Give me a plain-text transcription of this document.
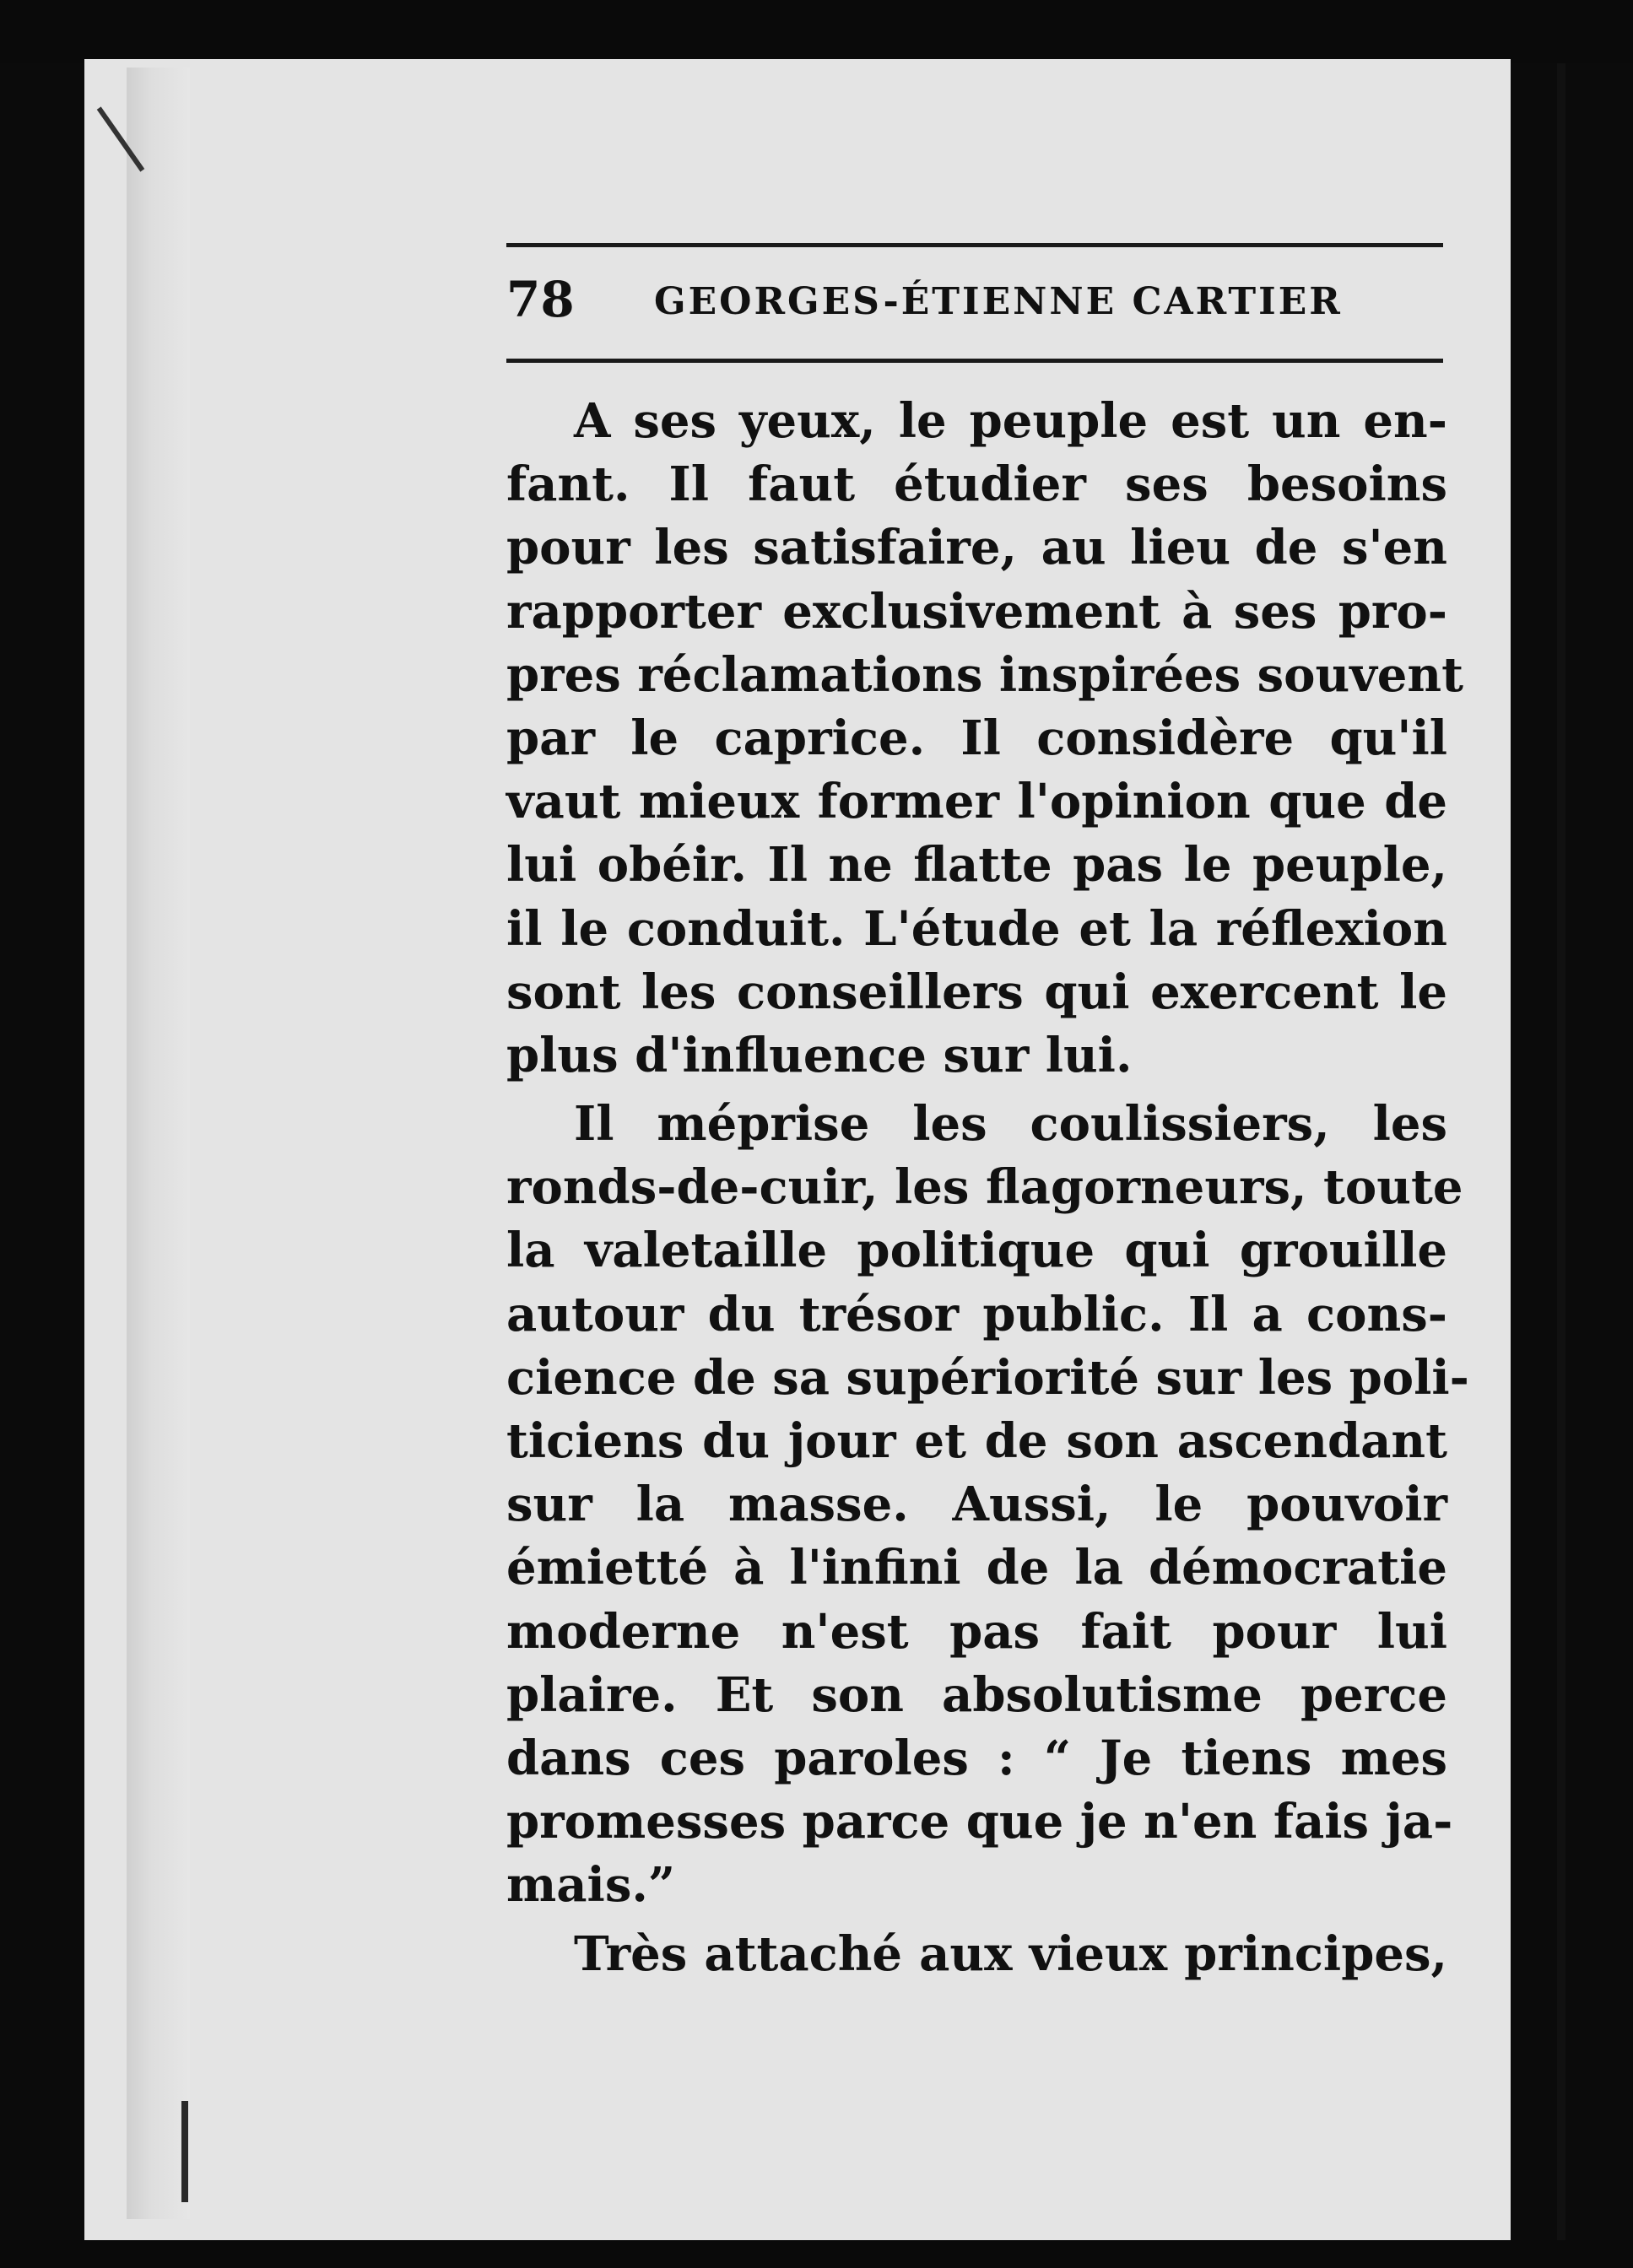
78 GEORGES-ÉTIENNE CARTIER
A ses yeux, le peuple est un en-
fant. Il faut étudier ses besoins
pour les satisfaire, au lieu de s'en
rapporter exclusivement à ses pro-
pres réclamations inspirées souvent
par le caprice. Il considère qu'il
vaut mieux former l'opinion que de
lui obéir. Il ne flatte pas le peuple,
il le conduit. L'étude et la réflexion
sont les conseillers qui exercent le
plus d'influence sur lui.
Il méprise les coulissiers, les
ronds-de-cuir, les flagorneurs, toute
la valetaille politique qui grouille
autour du trésor public. Il a cons-
cience de sa supériorité sur les poli-
ticiens du jour et de son ascendant
sur la masse. Aussi, le pouvoir
émietté à l'infini de la démocratie
moderne n'est pas fait pour lui
plaire. Et son absolutisme perce
dans ces paroles : “ Je tiens mes
promesses parce que je n'en fais ja-
mais.”
Très attaché aux vieux principes,
